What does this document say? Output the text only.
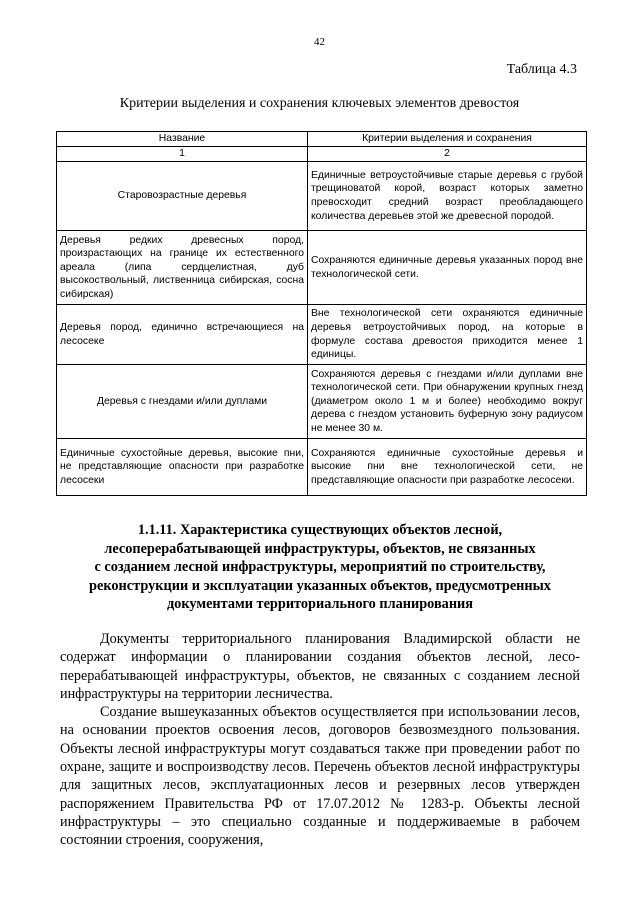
42
Таблица 4.3
Критерии выделения и сохранения ключевых элементов древостоя
Название	Критерии выделения и сохранения
1	2
Старовозрастные деревья	Единичные ветроустойчивые старые деревья с грубой трещиноватой корой, возраст которых заметно превосходит средний возраст преобладающего количества деревьев этой же древесной породой.
Деревья редких древесных пород, произрастающих на границе их естественного ареала (липа сердцелистная, дуб высокоствольный, лиственница сибирская, сосна сибирская)	Сохраняются единичные деревья указанных пород вне технологической сети.
Деревья пород, единично встречающиеся на лесосеке	Вне технологической сети охраняются единичные деревья ветроустойчивых пород, на которые в формуле состава древостоя приходится менее 1 единицы.
Деревья с гнездами и/или дуплами	Сохраняются деревья с гнездами и/или дуплами вне технологической сети. При обнаружении крупных гнезд (диаметром около 1 м и более) необходимо вокруг дерева с гнездом установить буферную зону радиусом не менее 30 м.
Единичные сухостойные деревья, высокие пни, не представляющие опасности при разработке лесосеки	Сохраняются единичные сухостойные деревья и высокие пни вне технологической сети, не представляющие опасности при разработке лесосеки.
1.1.11. Характеристика существующих объектов лесной,
лесоперерабатывающей инфраструктуры, объектов, не связанных
с созданием лесной инфраструктуры, мероприятий по строительству,
реконструкции и эксплуатации указанных объектов, предусмотренных
документами территориального планирования

Документы территориального планирования Владимирской области не содержат информации о планировании создания объектов лесной, лесо-перерабатывающей инфраструктуры, объектов, не связанных с созданием лесной инфраструктуры на территории лесничества.

Создание вышеуказанных объектов осуществляется при использовании лесов, на основании проектов освоения лесов, договоров безвозмездного пользования. Объекты лесной инфраструктуры могут создаваться также при проведении работ по охране, защите и воспроизводству лесов. Перечень объектов лесной инфраструктуры для защитных лесов, эксплуатационных лесов и резервных лесов утвержден распоряжением Правительства РФ от 17.07.2012 № 1283-р. Объекты лесной инфраструктуры – это специально созданные и поддерживаемые в рабочем состоянии строения, сооружения,
